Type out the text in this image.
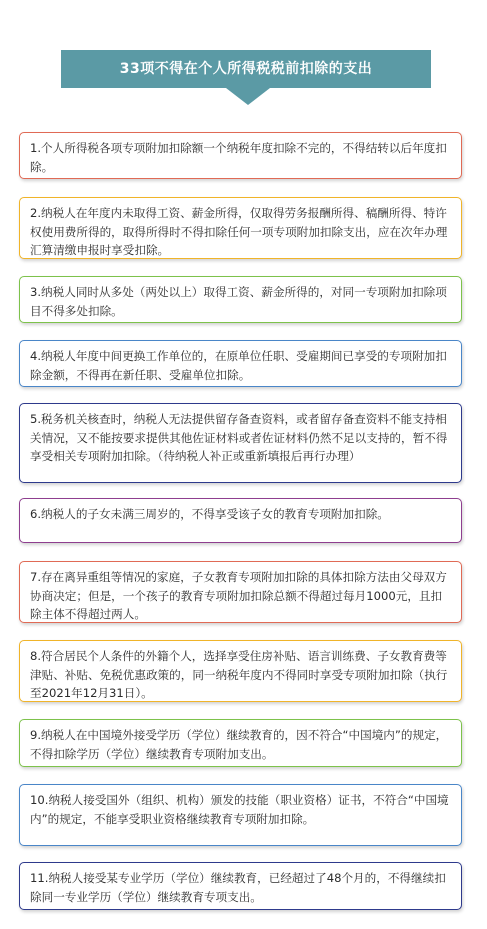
33项不得在个人所得税税前扣除的支出
1.个人所得税各项专项附加扣除额一个纳税年度扣除不完的，不得结转以后年度扣除。
2.纳税人在年度内未取得工资、薪金所得，仅取得劳务报酬所得、稿酬所得、特许权使用费所得的，取得所得时不得扣除任何一项专项附加扣除支出，应在次年办理汇算清缴申报时享受扣除。
3.纳税人同时从多处（两处以上）取得工资、薪金所得的，对同一专项附加扣除项目不得多处扣除。
4.纳税人年度中间更换工作单位的，在原单位任职、受雇期间已享受的专项附加扣除金额，不得再在新任职、受雇单位扣除。
5.税务机关核查时，纳税人无法提供留存备查资料，或者留存备查资料不能支持相关情况，又不能按要求提供其他佐证材料或者佐证材料仍然不足以支持的，暂不得享受相关专项附加扣除。（待纳税人补正或重新填报后再行办理）
6.纳税人的子女未满三周岁的，不得享受该子女的教育专项附加扣除。
7.存在离异重组等情况的家庭，子女教育专项附加扣除的具体扣除方法由父母双方协商决定；但是，一个孩子的教育专项附加扣除总额不得超过每月1000元，且扣除主体不得超过两人。
8.符合居民个人条件的外籍个人，选择享受住房补贴、语言训练费、子女教育费等津贴、补贴、免税优惠政策的，同一纳税年度内不得同时享受专项附加扣除（执行至2021年12月31日）。
9.纳税人在中国境外接受学历（学位）继续教育的，因不符合“中国境内”的规定，不得扣除学历（学位）继续教育专项附加支出。
10.纳税人接受国外（组织、机构）颁发的技能（职业资格）证书，不符合“中国境内”的规定，不能享受职业资格继续教育专项附加扣除。
11.纳税人接受某专业学历（学位）继续教育，已经超过了48个月的，不得继续扣除同一专业学历（学位）继续教育专项支出。
